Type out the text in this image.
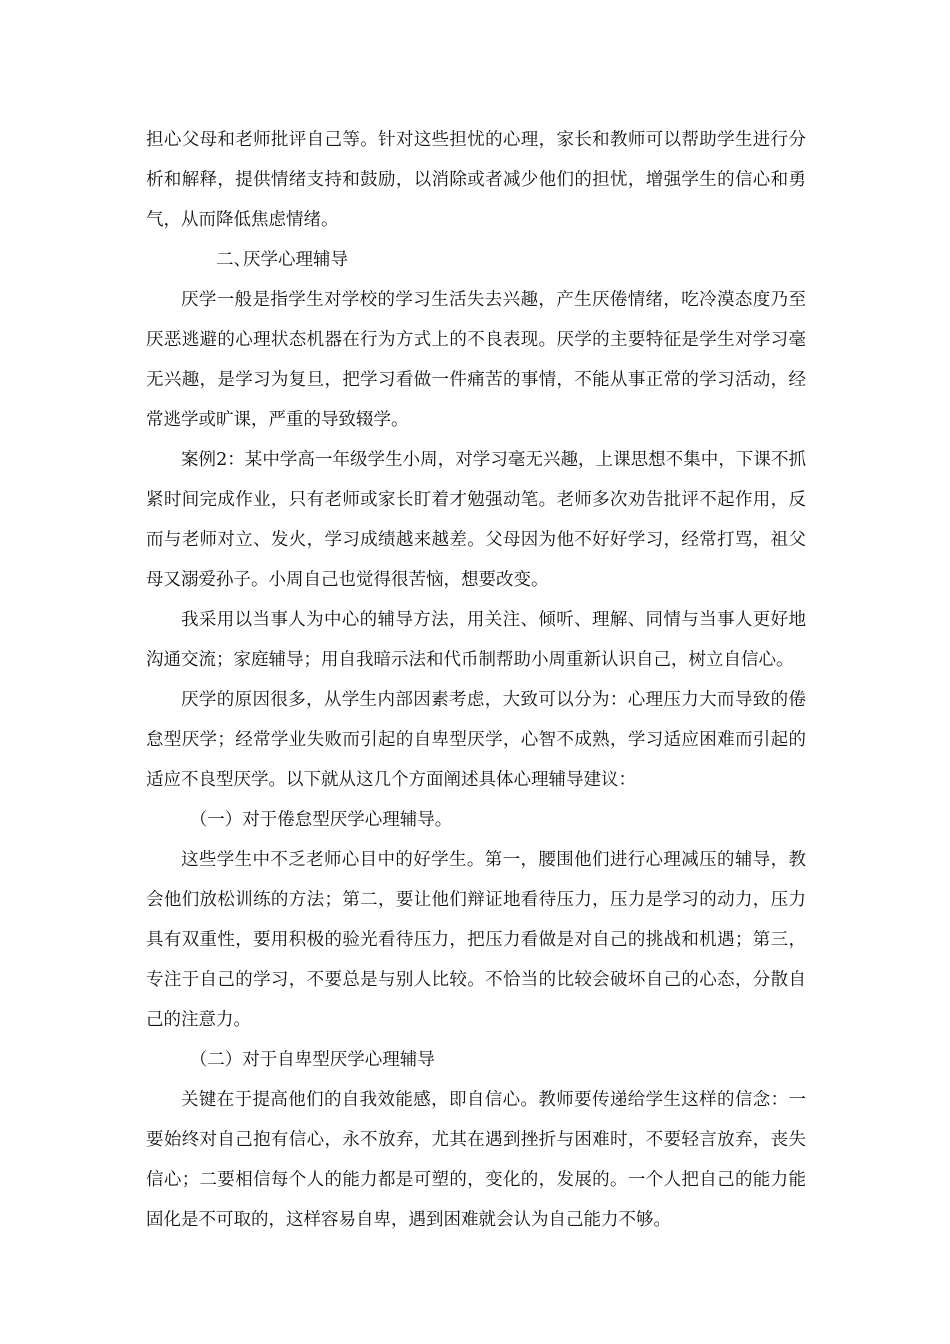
担心父母和老师批评自己等。针对这些担忧的心理，家长和教师可以帮助学生进行分析和解释，提供情绪支持和鼓励，以消除或者减少他们的担忧，增强学生的信心和勇气，从而降低焦虑情绪。

二、厌学心理辅导

厌学一般是指学生对学校的学习生活失去兴趣，产生厌倦情绪，吃冷漠态度乃至厌恶逃避的心理状态机器在行为方式上的不良表现。厌学的主要特征是学生对学习毫无兴趣，是学习为复旦，把学习看做一件痛苦的事情，不能从事正常的学习活动，经常逃学或旷课，严重的导致辍学。

案例2：某中学高一年级学生小周，对学习毫无兴趣，上课思想不集中，下课不抓紧时间完成作业，只有老师或家长盯着才勉强动笔。老师多次劝告批评不起作用，反而与老师对立、发火，学习成绩越来越差。父母因为他不好好学习，经常打骂，祖父母又溺爱孙子。小周自己也觉得很苦恼，想要改变。

我采用以当事人为中心的辅导方法，用关注、倾听、理解、同情与当事人更好地沟通交流；家庭辅导；用自我暗示法和代币制帮助小周重新认识自己，树立自信心。

厌学的原因很多，从学生内部因素考虑，大致可以分为：心理压力大而导致的倦怠型厌学；经常学业失败而引起的自卑型厌学，心智不成熟，学习适应困难而引起的适应不良型厌学。以下就从这几个方面阐述具体心理辅导建议：

（一）对于倦怠型厌学心理辅导。

这些学生中不乏老师心目中的好学生。第一，腰围他们进行心理减压的辅导，教会他们放松训练的方法；第二，要让他们辩证地看待压力，压力是学习的动力，压力具有双重性，要用积极的验光看待压力，把压力看做是对自己的挑战和机遇；第三，专注于自己的学习，不要总是与别人比较。不恰当的比较会破坏自己的心态，分散自己的注意力。

（二）对于自卑型厌学心理辅导

关键在于提高他们的自我效能感，即自信心。教师要传递给学生这样的信念：一要始终对自己抱有信心，永不放弃，尤其在遇到挫折与困难时，不要轻言放弃，丧失信心；二要相信每个人的能力都是可塑的，变化的，发展的。一个人把自己的能力能固化是不可取的，这样容易自卑，遇到困难就会认为自己能力不够。
